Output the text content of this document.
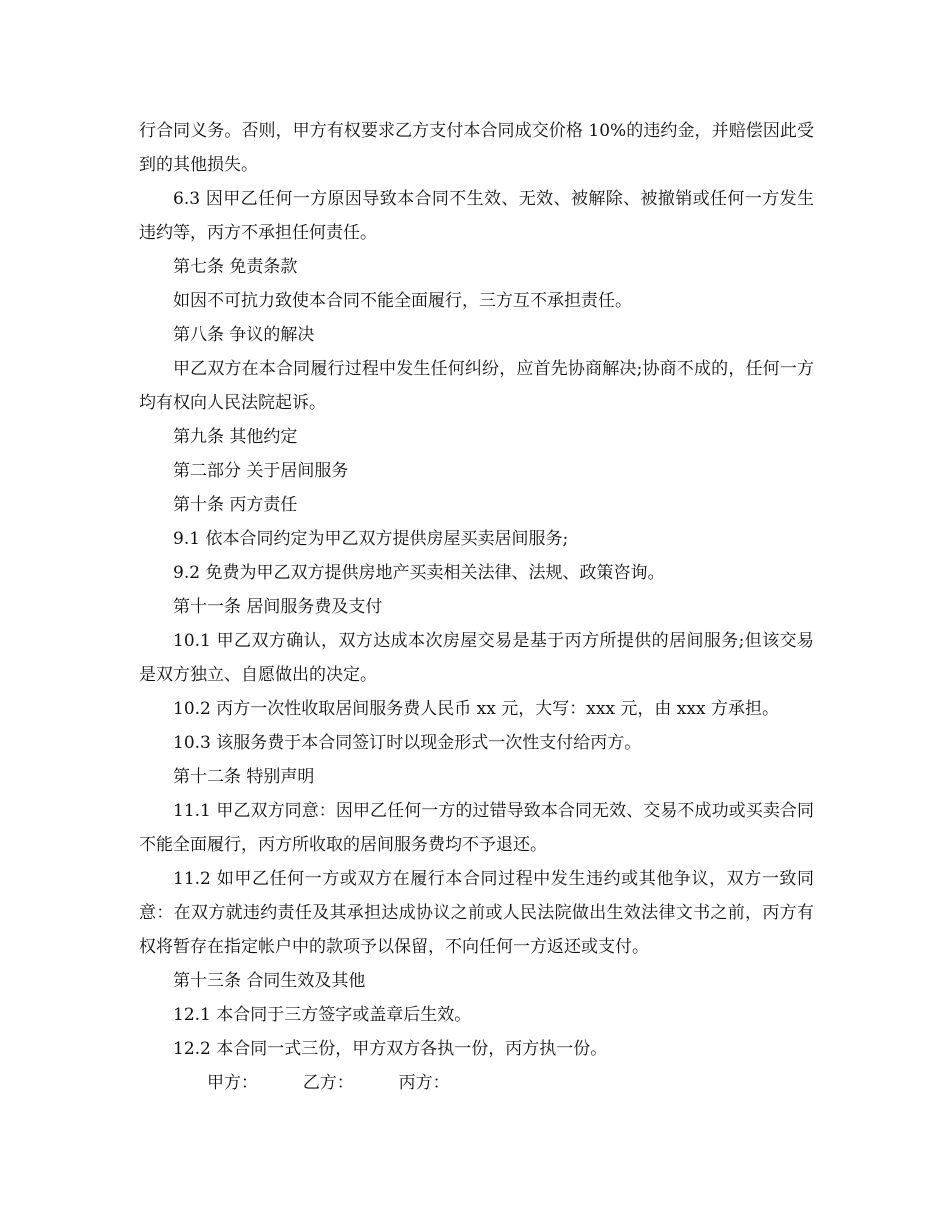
行合同义务。否则，甲方有权要求乙方支付本合同成交价格 10%的违约金，并赔偿因此受到的其他损失。

6.3 因甲乙任何一方原因导致本合同不生效、无效、被解除、被撤销或任何一方发生违约等，丙方不承担任何责任。

第七条 免责条款

如因不可抗力致使本合同不能全面履行，三方互不承担责任。

第八条 争议的解决

甲乙双方在本合同履行过程中发生任何纠纷，应首先协商解决;协商不成的，任何一方均有权向人民法院起诉。

第九条 其他约定

第二部分 关于居间服务

第十条 丙方责任

9.1 依本合同约定为甲乙双方提供房屋买卖居间服务;

9.2 免费为甲乙双方提供房地产买卖相关法律、法规、政策咨询。

第十一条 居间服务费及支付

10.1 甲乙双方确认，双方达成本次房屋交易是基于丙方所提供的居间服务;但该交易是双方独立、自愿做出的决定。

10.2 丙方一次性收取居间服务费人民币 xx 元，大写：xxx 元，由 xxx 方承担。

10.3 该服务费于本合同签订时以现金形式一次性支付给丙方。

第十二条 特别声明

11.1 甲乙双方同意：因甲乙任何一方的过错导致本合同无效、交易不成功或买卖合同不能全面履行，丙方所收取的居间服务费均不予退还。

11.2 如甲乙任何一方或双方在履行本合同过程中发生违约或其他争议，双方一致同意：在双方就违约责任及其承担达成协议之前或人民法院做出生效法律文书之前，丙方有权将暂存在指定帐户中的款项予以保留，不向任何一方返还或支付。

第十三条 合同生效及其他

12.1 本合同于三方签字或盖章后生效。

12.2 本合同一式三份，甲方双方各执一份，丙方执一份。

甲方：	乙方：	丙方：
